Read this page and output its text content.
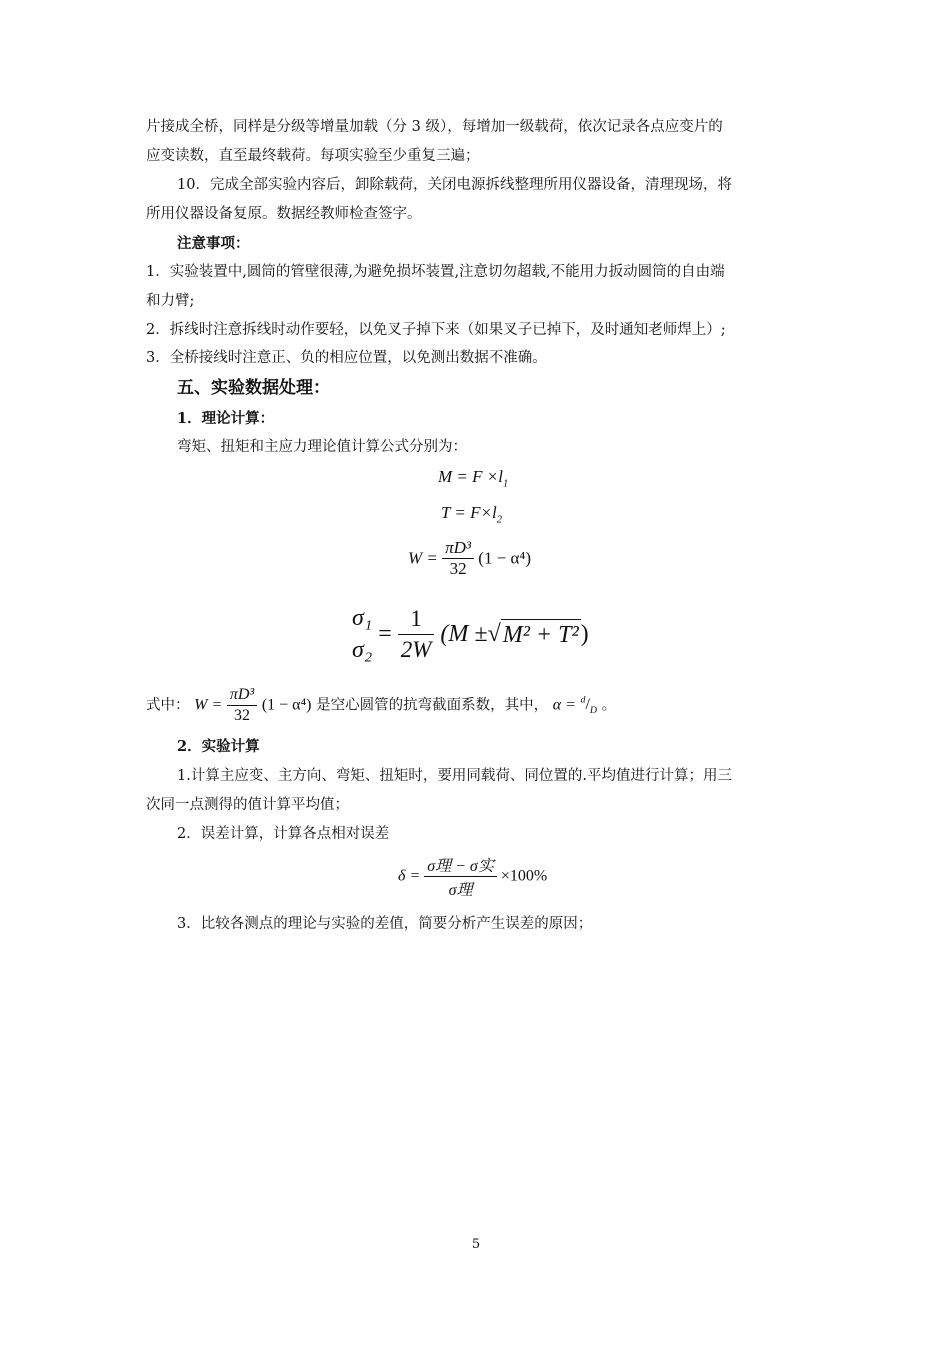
片接成全桥，同样是分级等增量加载（分 3 级），每增加一级载荷，依次记录各点应变片的
应变读数，直至最终载荷。每项实验至少重复三遍；
10．完成全部实验内容后，卸除载荷，关闭电源拆线整理所用仪器设备，清理现场，将
所用仪器设备复原。数据经教师检查签字。
注意事项：
1．实验装置中,圆筒的管壁很薄,为避免损坏装置,注意切勿超载,不能用力扳动圆筒的自由端
和力臂;
2．拆线时注意拆线时动作要轻，以免叉子掉下来（如果叉子已掉下，及时通知老师焊上）;
3．全桥接线时注意正、负的相应位置，以免测出数据不准确。
五、实验数据处理：
1．理论计算：
弯矩、扭矩和主应力理论值计算公式分别为：
$M = F \times l_1$
$T = F\times l_2$
$W = \frac{\text{πD³}}{32} (1 - \alpha^4)$
σ₁
σ₂
= $\frac{1}{2W} (M \pm√M^2 + T^2)$
式中： $W = \frac{\text{πD³}}{32} (1 - \alpha^4)$ 是空心圆管的抗弯截面系数，其中， $\alpha = ^d/_D$ 。
2．实验计算
1.计算主应变、主方向、弯矩、扭矩时，要用同载荷、同位置的.平均值进行计算；用三
次同一点测得的值计算平均值；
2．误差计算，计算各点相对误差
$\delta = \frac{\text{σ理 − σ实}}{\text{σ理}} \times 100\%$
3．比较各测点的理论与实验的差值，简要分析产生误差的原因；
5
